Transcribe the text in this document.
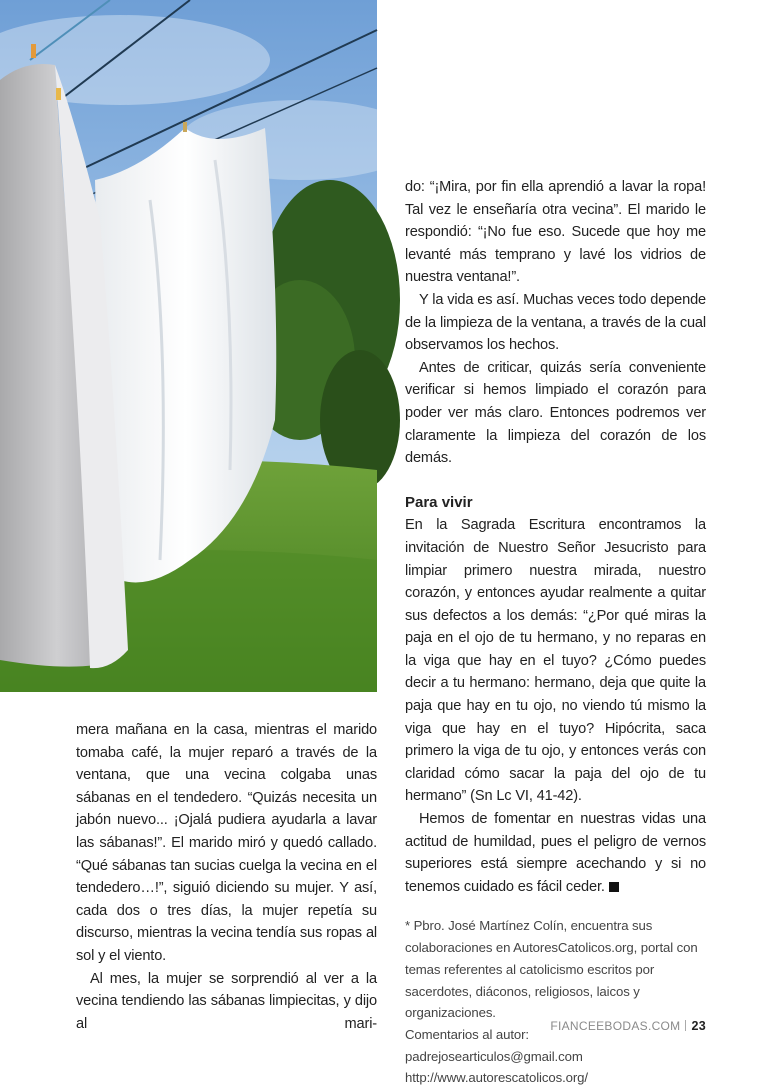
mera mañana en la casa, mientras el marido tomaba café, la mujer reparó a través de la ventana, que una vecina colgaba unas sábanas en el tendedero. “Quizás necesita un jabón nuevo... ¡Ojalá pudiera ayudarla a lavar las sábanas!”. El marido miró y quedó callado. “Qué sábanas tan sucias cuelga la vecina en el tendedero…!”, siguió diciendo su mujer. Y así, cada dos o tres días, la mujer repetía su discurso, mientras la vecina tendía sus ropas al sol y el viento.

Al mes, la mujer se sorprendió al ver a la vecina tendiendo las sábanas limpiecitas, y dijo al mari-

do: “¡Mira, por fin ella aprendió a lavar la ropa! Tal vez le enseñaría otra vecina”. El marido le respondió: “¡No fue eso. Sucede que hoy me levanté más temprano y lavé los vidrios de nuestra ventana!”.

Y la vida es así. Muchas veces todo depende de la limpieza de la ventana, a través de la cual observamos los hechos.

Antes de criticar, quizás sería conveniente verificar si hemos limpiado el corazón para poder ver más claro. Entonces podremos ver claramente la limpieza del corazón de los demás.

Para vivir

En la Sagrada Escritura encontramos la invitación de Nuestro Señor Jesucristo para limpiar primero nuestra mirada, nuestro corazón, y entonces ayudar realmente a quitar sus defectos a los demás: “¿Por qué miras la paja en el ojo de tu hermano, y no reparas en la viga que hay en el tuyo? ¿Cómo puedes decir a tu hermano: hermano, deja que quite la paja que hay en tu ojo, no viendo tú mismo la viga que hay en el tuyo? Hipócrita, saca primero la viga de tu ojo, y entonces verás con claridad cómo sacar la paja del ojo de tu hermano” (Sn Lc VI, 41-42).

Hemos de fomentar en nuestras vidas una actitud de humildad, pues el peligro de vernos superiores está siempre acechando y si no tenemos cuidado es fácil ceder.

* Pbro. José Martínez Colín, encuentra sus colaboraciones en AutoresCatolicos.org, portal con temas referentes al catolicismo escritos por sacerdotes, diáconos, religiosos, laicos y organizaciones.

Comentarios al autor:

padrejosearticulos@gmail.com

http://www.autorescatolicos.org/

FIANCEEBODAS.COM 23
